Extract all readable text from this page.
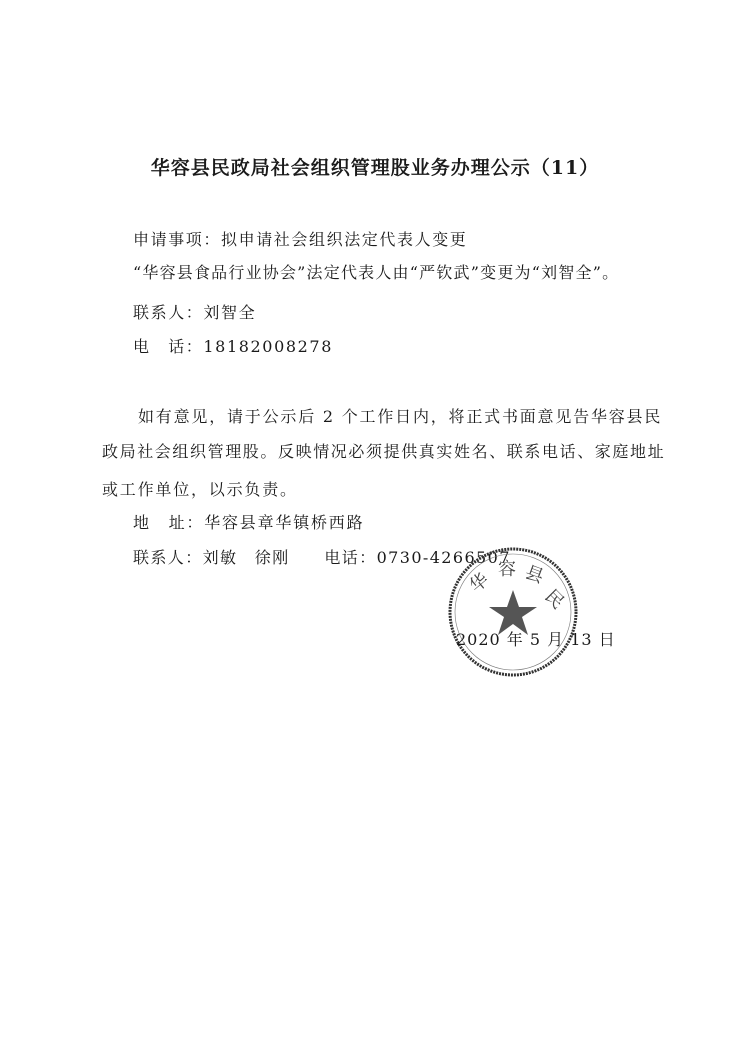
华容县民政局社会组织管理股业务办理公示（11）
申请事项：拟申请社会组织法定代表人变更
“华容县食品行业协会”法定代表人由“严钦武”变更为“刘智全”。
联系人：刘智全
电　话：18182008278
如有意见，请于公示后 2 个工作日内，将正式书面意见告华容县民
政局社会组织管理股。反映情况必须提供真实姓名、联系电话、家庭地址
或工作单位，以示负责。
地　址：华容县章华镇桥西路
联系人：刘敏　徐刚　　电话：0730-4266507
华 容 县
民
2020 年 5 月 13 日
